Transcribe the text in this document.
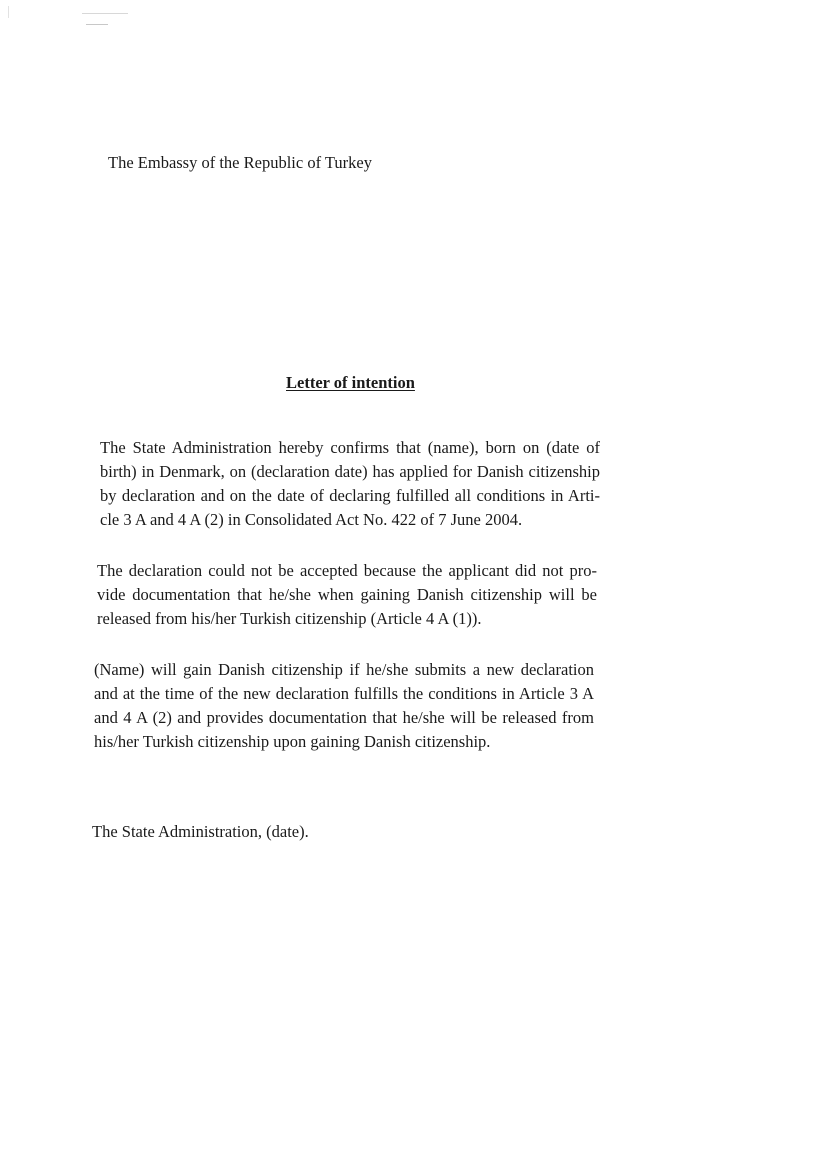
The Embassy of the Republic of Turkey
Letter of intention
The State Administration hereby confirms that (name), born on (date of
birth) in Denmark, on (declaration date) has applied for Danish citizenship
by declaration and on the date of declaring fulfilled all conditions in Arti-
cle 3 A and 4 A (2) in Consolidated Act No. 422 of 7 June 2004.
The declaration could not be accepted because the applicant did not pro-
vide documentation that he/she when gaining Danish citizenship will be
released from his/her Turkish citizenship (Article 4 A (1)).
(Name) will gain Danish citizenship if he/she submits a new declaration
and at the time of the new declaration fulfills the conditions in Article 3 A
and 4 A (2) and provides documentation that he/she will be released from
his/her Turkish citizenship upon gaining Danish citizenship.
The State Administration, (date).
